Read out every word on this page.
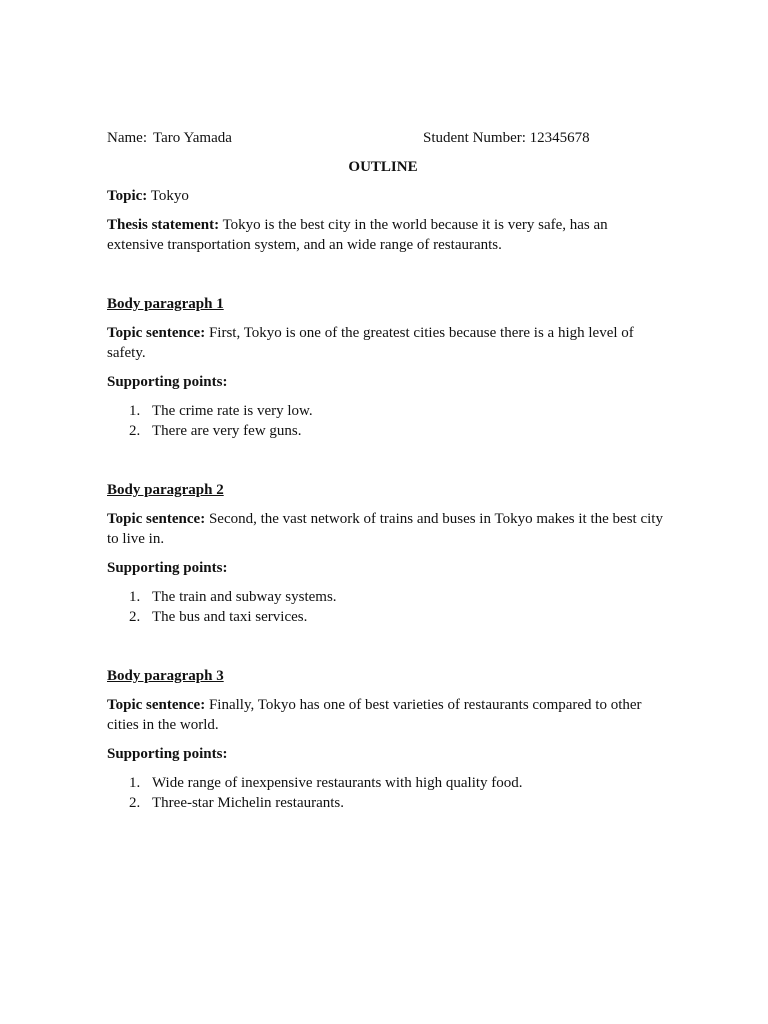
Name: Taro Yamada	Student Number: 12345678
OUTLINE

Topic: Tokyo

Thesis statement: Tokyo is the best city in the world because it is very safe, has an extensive transportation system, and an wide range of restaurants.

Body paragraph 1

Topic sentence: First, Tokyo is one of the greatest cities because there is a high level of safety.

Supporting points:

1. The crime rate is very low.
2. There are very few guns.

Body paragraph 2

Topic sentence: Second, the vast network of trains and buses in Tokyo makes it the best city to live in.

Supporting points:

1. The train and subway systems.
2. The bus and taxi services.

Body paragraph 3

Topic sentence: Finally, Tokyo has one of best varieties of restaurants compared to other cities in the world.

Supporting points:

1. Wide range of inexpensive restaurants with high quality food.
2. Three-star Michelin restaurants.
